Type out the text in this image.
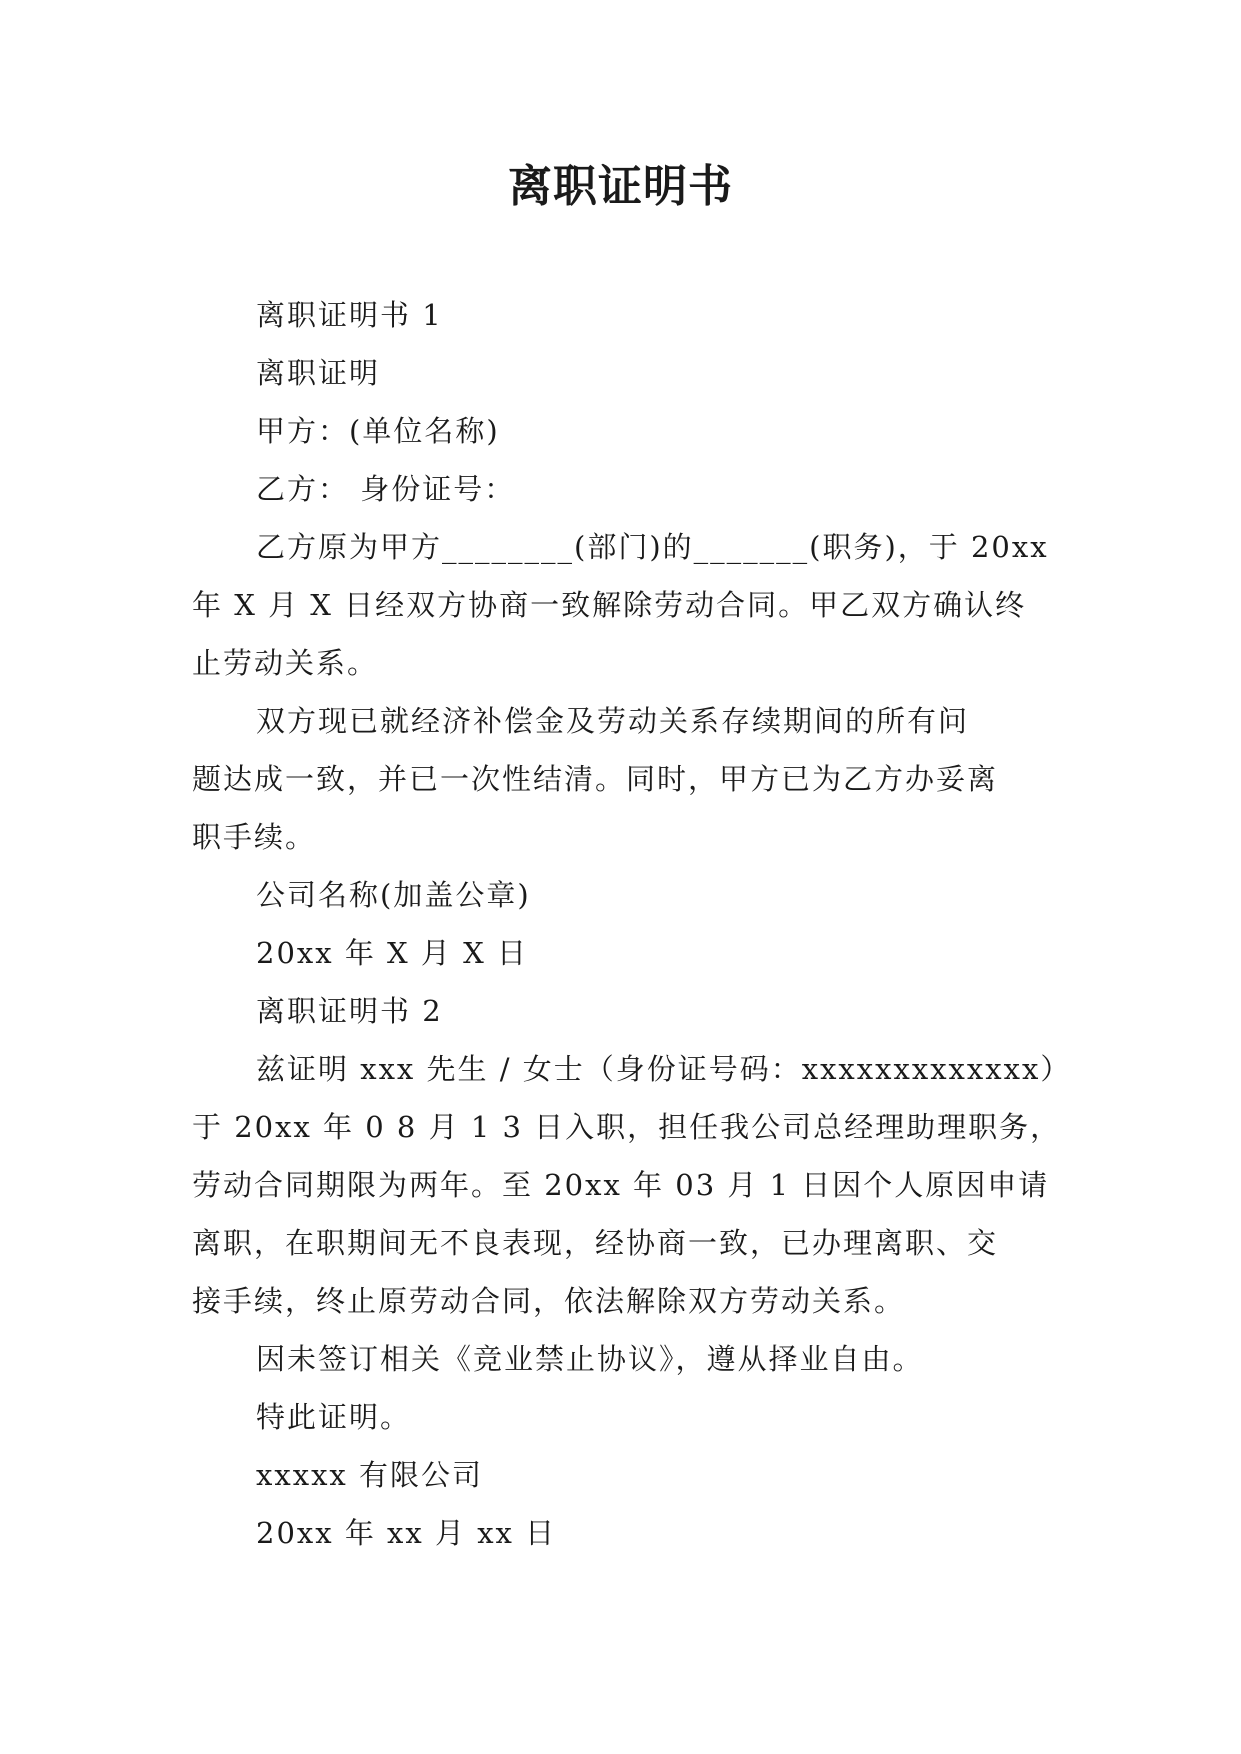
离职证明书

离职证明书 1

离职证明

甲方：(单位名称)

乙方： 身份证号：

乙方原为甲方________(部门)的_______(职务)，于 20xx
年 X 月 X 日经双方协商一致解除劳动合同。甲乙双方确认终
止劳动关系。

双方现已就经济补偿金及劳动关系存续期间的所有问
题达成一致，并已一次性结清。同时，甲方已为乙方办妥离
职手续。

公司名称(加盖公章)

20xx 年 X 月 X 日

离职证明书 2

兹证明 xxx 先生 / 女士（身份证号码：xxxxxxxxxxxxx）
于 20xx 年 0 8 月 1 3 日入职，担任我公司总经理助理职务，
劳动合同期限为两年。至 20xx 年 03 月 1 日因个人原因申请
离职，在职期间无不良表现，经协商一致，已办理离职、交
接手续，终止原劳动合同，依法解除双方劳动关系。

因未签订相关《竞业禁止协议》，遵从择业自由。

特此证明。

xxxxx 有限公司

20xx 年 xx 月 xx 日
